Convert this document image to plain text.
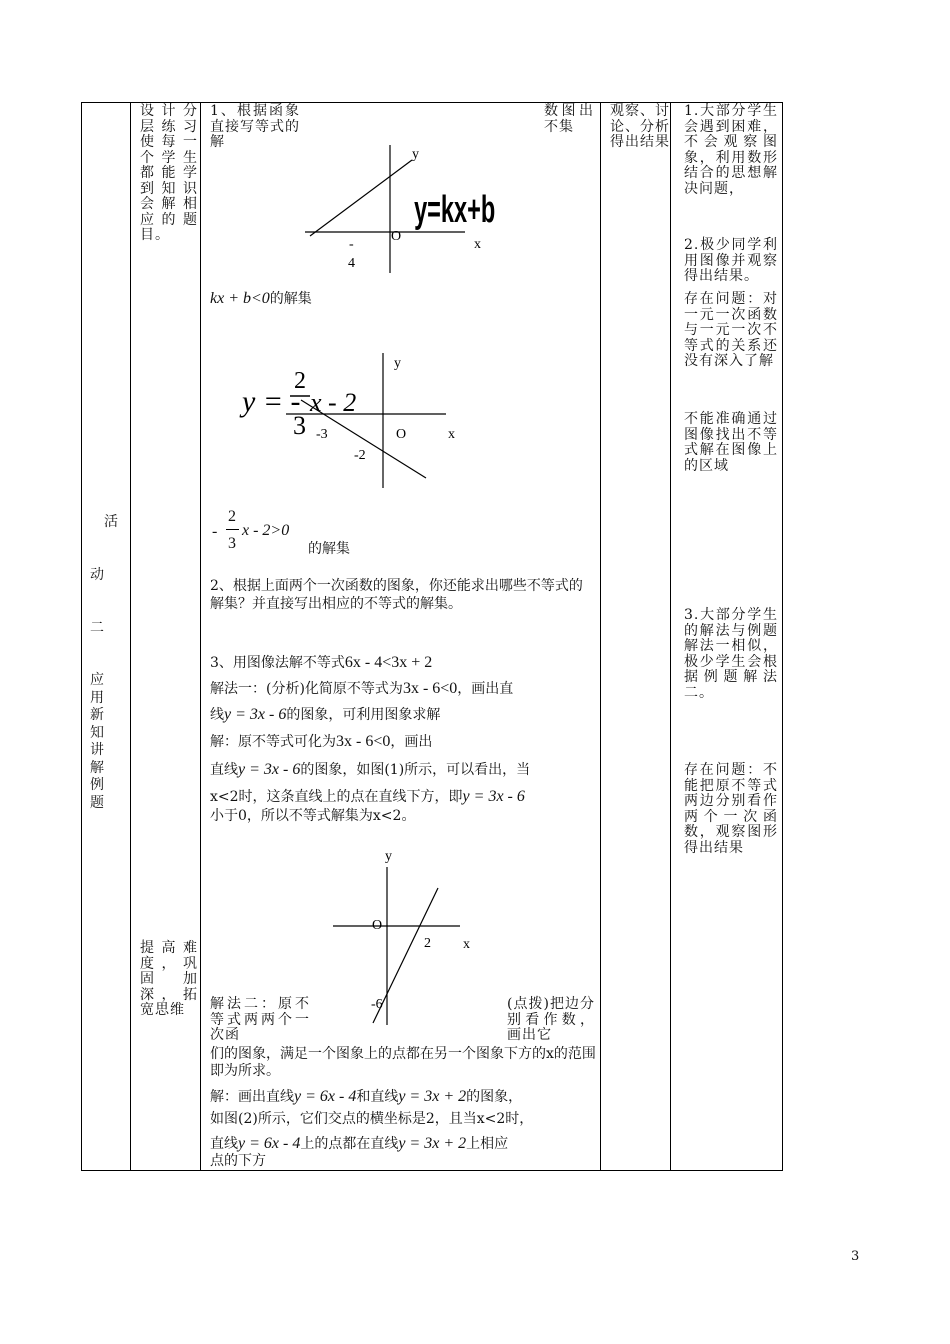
活
动
二
应用新知讲解例题
设计分层练习使每一个学生都能学到知识会解相应的题目。
提高难度，巩固加深，拓宽思维
观察、讨论、分析得出结果
1.大部分学生会遇到困难，不会观察图象，利用数形结合的思想解决问题，
2.极少同学利用图像并观察得出结果。
存在问题：对一元一次函数与一元一次不等式的关系还没有深入了解
不能准确通过图像找出不等式解在图像上的区域
3.大部分学生的解法与例题解法一相似，极少学生会根据例题解法二。
存在问题：不能把原不等式两边分别看作两个一次函数，观察图形得出结果
1、根据函象直接写等式的解
数图出不集
y
O
x
-
4
y=kx+b
kx + b<0的解集
y
O	x
-3
-2
y = -
2
3
x - 2
-
2
3
x - 2>0
的解集
2、根据上面两个一次函数的图象，你还能求出哪些不等式的解集？并直接写出相应的不等式的解集。
3、用图像法解不等式6x - 4<3x + 2
解法一：(分析)化简原不等式为3x - 6<0，画出直
线y = 3x - 6的图象，可利用图象求解
解：原不等式可化为3x - 6<0，画出
直线y = 3x - 6的图象，如图(1)所示，可以看出，当
x<2时，这条直线上的点在直线下方，即y = 3x - 6
小于0，所以不等式解集为x<2。
y
O
2 x
-6
解法二：原不等式两两个一次函
(点拨)把边分别看作数，画出它
们的图象，满足一个图象上的点都在另一个图象下方的x的范围即为所求。
解：画出直线y = 6x - 4和直线y = 3x + 2的图象，
如图(2)所示，它们交点的横坐标是2，且当x<2时，
直线y = 6x - 4上的点都在直线y = 3x + 2上相应
点的下方
3
